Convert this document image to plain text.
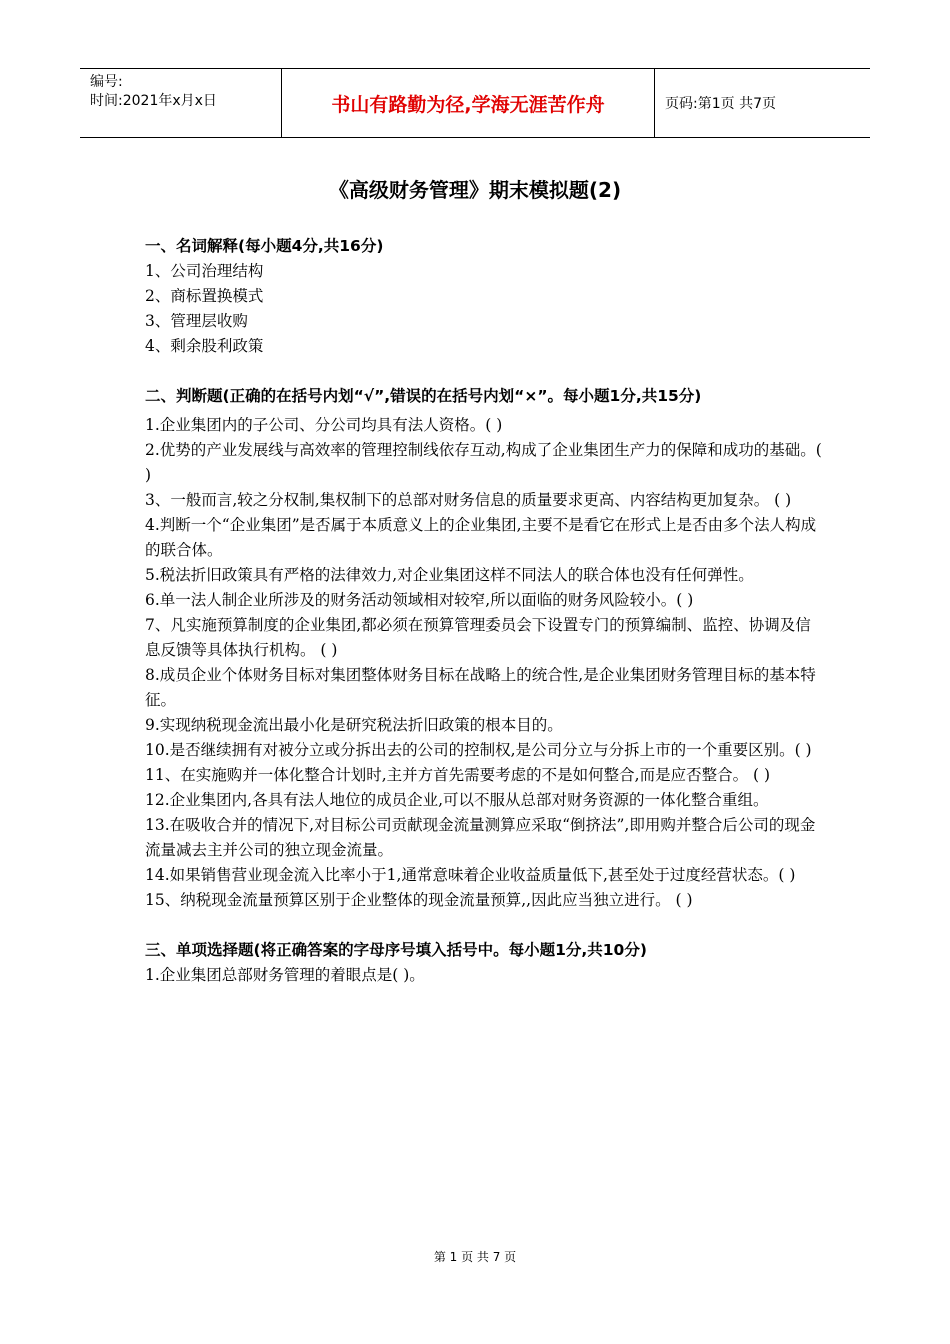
编号:
时间:2021年x月x日	书山有路勤为径,学海无涯苦作舟	页码:第1页 共7页
《高级财务管理》期末模拟题(2)
一、名词解释(每小题4分,共16分)
1、公司治理结构
2、商标置换模式
3、管理层收购
4、剩余股利政策
二、判断题(正确的在括号内划“√”,错误的在括号内划“×”。每小题1分,共15分)
1.企业集团内的子公司、分公司均具有法人资格。( )
2.优势的产业发展线与高效率的管理控制线依存互动,构成了企业集团生产力的保障和成功的基础。( )
3、一般而言,较之分权制,集权制下的总部对财务信息的质量要求更高、内容结构更加复杂。 ( )
4.判断一个“企业集团”是否属于本质意义上的企业集团,主要不是看它在形式上是否由多个法人构成的联合体。
5.税法折旧政策具有严格的法律效力,对企业集团这样不同法人的联合体也没有任何弹性。
6.单一法人制企业所涉及的财务活动领域相对较窄,所以面临的财务风险较小。( )
7、凡实施预算制度的企业集团,都必须在预算管理委员会下设置专门的预算编制、监控、协调及信息反馈等具体执行机构。 ( )
8.成员企业个体财务目标对集团整体财务目标在战略上的统合性,是企业集团财务管理目标的基本特征。
9.实现纳税现金流出最小化是研究税法折旧政策的根本目的。
10.是否继续拥有对被分立或分拆出去的公司的控制权,是公司分立与分拆上市的一个重要区别。( )
11、在实施购并一体化整合计划时,主并方首先需要考虑的不是如何整合,而是应否整合。 ( )
12.企业集团内,各具有法人地位的成员企业,可以不服从总部对财务资源的一体化整合重组。
13.在吸收合并的情况下,对目标公司贡献现金流量测算应采取“倒挤法”,即用购并整合后公司的现金流量减去主并公司的独立现金流量。
14.如果销售营业现金流入比率小于1,通常意味着企业收益质量低下,甚至处于过度经营状态。( )
15、纳税现金流量预算区别于企业整体的现金流量预算,,因此应当独立进行。 ( )
三、单项选择题(将正确答案的字母序号填入括号中。每小题1分,共10分)
1.企业集团总部财务管理的着眼点是( )。
第 1 页 共 7 页
